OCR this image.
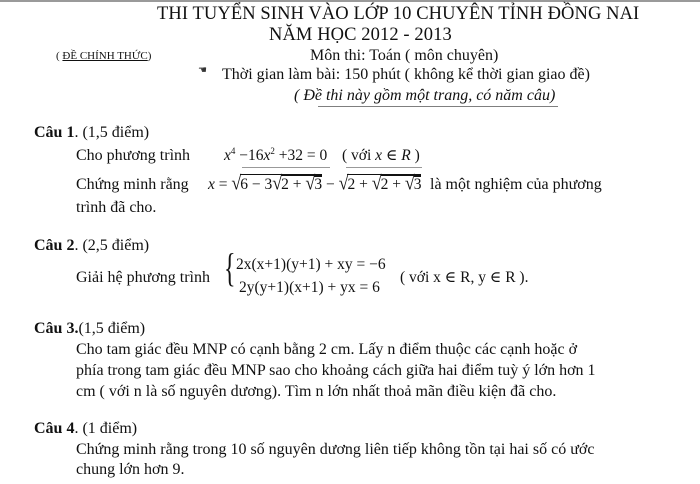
THI TUYỂN SINH VÀO LỚP 10 CHUYÊN TỈNH ĐỒNG NAI
NĂM HỌC 2012 - 2013
( ĐỀ CHÍNH THỨC)	Môn thi: Toán ( môn chuyên)
☚ Thời gian làm bài: 150 phút ( không kể thời gian giao đề)
( Đề thi này gồm một trang, có năm câu)
Câu 1. (1,5 điểm)
Cho phương trình $x^4 -16x^2 +32 = 0$ ( với x ∈ R )
Chứng minh rằng x = √6 − 3√2 + √3 − √2 + √2 + √3 là một nghiệm của phương
trình đã cho.
Câu 2. (2,5 điểm)
Giải hệ phương trình { 2x(x+1)(y+1) + xy = −6
2y(y+1)(x+1) + yx = 6
( với x ∈ R, y ∈ R ).
Câu 3.(1,5 điểm)
Cho tam giác đều MNP có cạnh bằng 2 cm. Lấy n điểm thuộc các cạnh hoặc ở
phía trong tam giác đều MNP sao cho khoảng cách giữa hai điểm tuỳ ý lớn hơn 1
cm ( với n là số nguyên dương). Tìm n lớn nhất thoả mãn điều kiện đã cho.
Câu 4. (1 điểm)
Chứng minh rằng trong 10 số nguyên dương liên tiếp không tồn tại hai số có ước
chung lớn hơn 9.
